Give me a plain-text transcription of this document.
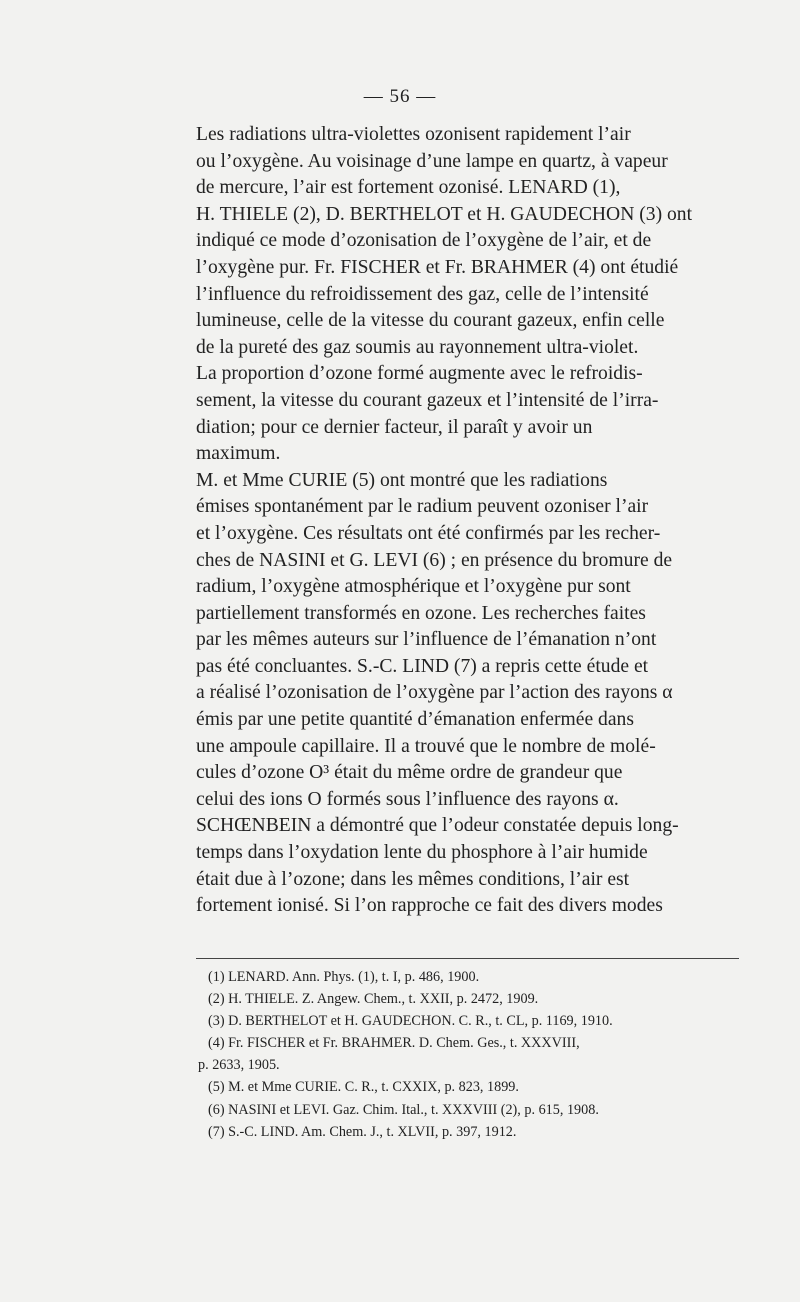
— 56 —
Les radiations ultra-violettes ozonisent rapidement l’air
ou l’oxygène. Au voisinage d’une lampe en quartz, à vapeur
de mercure, l’air est fortement ozonisé. LENARD (1),
H. THIELE (2), D. BERTHELOT et H. GAUDECHON (3) ont
indiqué ce mode d’ozonisation de l’oxygène de l’air, et de
l’oxygène pur. Fr. FISCHER et Fr. BRAHMER (4) ont étudié
l’influence du refroidissement des gaz, celle de l’intensité
lumineuse, celle de la vitesse du courant gazeux, enfin celle
de la pureté des gaz soumis au rayonnement ultra-violet.
La proportion d’ozone formé augmente avec le refroidis-
sement, la vitesse du courant gazeux et l’intensité de l’irra-
diation; pour ce dernier facteur, il paraît y avoir un
maximum.
M. et Mme CURIE (5) ont montré que les radiations
émises spontanément par le radium peuvent ozoniser l’air
et l’oxygène. Ces résultats ont été confirmés par les recher-
ches de NASINI et G. LEVI (6) ; en présence du bromure de
radium, l’oxygène atmosphérique et l’oxygène pur sont
partiellement transformés en ozone. Les recherches faites
par les mêmes auteurs sur l’influence de l’émanation n’ont
pas été concluantes. S.-C. LIND (7) a repris cette étude et
a réalisé l’ozonisation de l’oxygène par l’action des rayons α
émis par une petite quantité d’émanation enfermée dans
une ampoule capillaire. Il a trouvé que le nombre de molé-
cules d’ozone O³ était du même ordre de grandeur que
celui des ions O formés sous l’influence des rayons α.
SCHŒNBEIN a démontré que l’odeur constatée depuis long-
temps dans l’oxydation lente du phosphore à l’air humide
était due à l’ozone; dans les mêmes conditions, l’air est
fortement ionisé. Si l’on rapproche ce fait des divers modes
(1) LENARD. Ann. Phys. (1), t. I, p. 486, 1900.
(2) H. THIELE. Z. Angew. Chem., t. XXII, p. 2472, 1909.
(3) D. BERTHELOT et H. GAUDECHON. C. R., t. CL, p. 1169, 1910.
(4) Fr. FISCHER et Fr. BRAHMER. D. Chem. Ges., t. XXXVIII,
p. 2633, 1905.
(5) M. et Mme CURIE. C. R., t. CXXIX, p. 823, 1899.
(6) NASINI et LEVI. Gaz. Chim. Ital., t. XXXVIII (2), p. 615, 1908.
(7) S.-C. LIND. Am. Chem. J., t. XLVII, p. 397, 1912.
